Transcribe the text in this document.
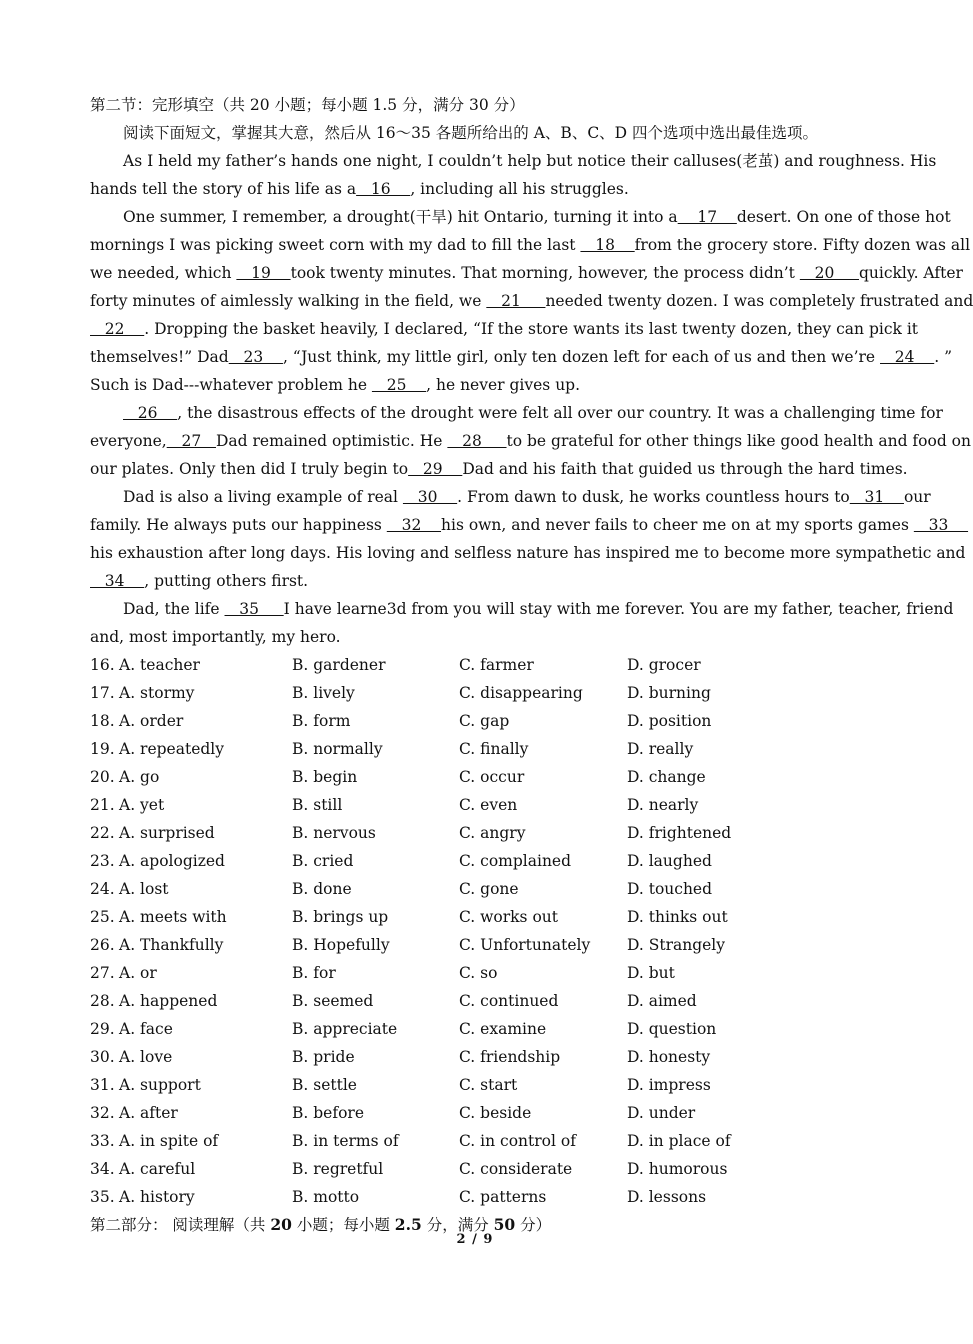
第二节：完形填空（共 20 小题；每小题 1.5 分，满分 30 分）
阅读下面短文，掌握其大意，然后从 16～35 各题所给出的 A、B、C、D 四个选项中选出最佳选项。
As I held my father’s hands one night, I couldn’t help but notice their calluses(老茧) and roughness. His
hands tell the story of his life as a   16    , including all his struggles.
One summer, I remember, a drought(干旱) hit Ontario, turning it into a    17    desert. On one of those hot
mornings I was picking sweet corn with my dad to fill the last    18    from the grocery store. Fifty dozen was all
we needed, which    19    took twenty minutes. That morning, however, the process didn’t    20     quickly. After
forty minutes of aimlessly walking in the field, we    21     needed twenty dozen. I was completely frustrated and
22    . Dropping the basket heavily, I declared, “If the store wants its last twenty dozen, they can pick it
themselves!” Dad   23    , “Just think, my little girl, only ten dozen left for each of us and then we’re    24    . ”
Such is Dad---whatever problem he    25    , he never gives up.
26    , the disastrous effects of the drought were felt all over our country. It was a challenging time for
everyone,   27   Dad remained optimistic. He    28     to be grateful for other things like good health and food on
our plates. Only then did I truly begin to   29    Dad and his faith that guided us through the hard times.
Dad is also a living example of real    30    . From dawn to dusk, he works countless hours to   31    our
family. He always puts our happiness    32    his own, and never fails to cheer me on at my sports games    33
his exhaustion after long days. His loving and selfless nature has inspired me to become more sympathetic and
34    , putting others first.
Dad, the life    35     I have learne3d from you will stay with me forever. You are my father, teacher, friend
and, most importantly, my hero.
16. A. teacher	B. gardener	C. farmer	D. grocer
17. A. stormy	B. lively	C. disappearing	D. burning
18. A. order	B. form	C. gap	D. position
19. A. repeatedly	B. normally	C. finally	D. really
20. A. go	B. begin	C. occur	D. change
21. A. yet	B. still	C. even	D. nearly
22. A. surprised	B. nervous	C. angry	D. frightened
23. A. apologized	B. cried	C. complained	D. laughed
24. A. lost	B. done	C. gone	D. touched
25. A. meets with	B. brings up	C. works out	D. thinks out
26. A. Thankfully	B. Hopefully	C. Unfortunately D. Strangely
27. A. or	B. for	C. so	D. but
28. A. happened	B. seemed	C. continued	D. aimed
29. A. face	B. appreciate	C. examine	D. question
30. A. love	B. pride	C. friendship	D. honesty
31. A. support	B. settle	C. start	D. impress
32. A. after	B. before	C. beside	D. under
33. A. in spite of	B. in terms of	C. in control of	D. in place of
34. A. careful	B. regretful	C. considerate	D. humorous
35. A. history	B. motto	C. patterns	D. lessons
第二部分： 阅读理解（共 20 小题；每小题 2.5 分，满分 50 分）
2 / 9
